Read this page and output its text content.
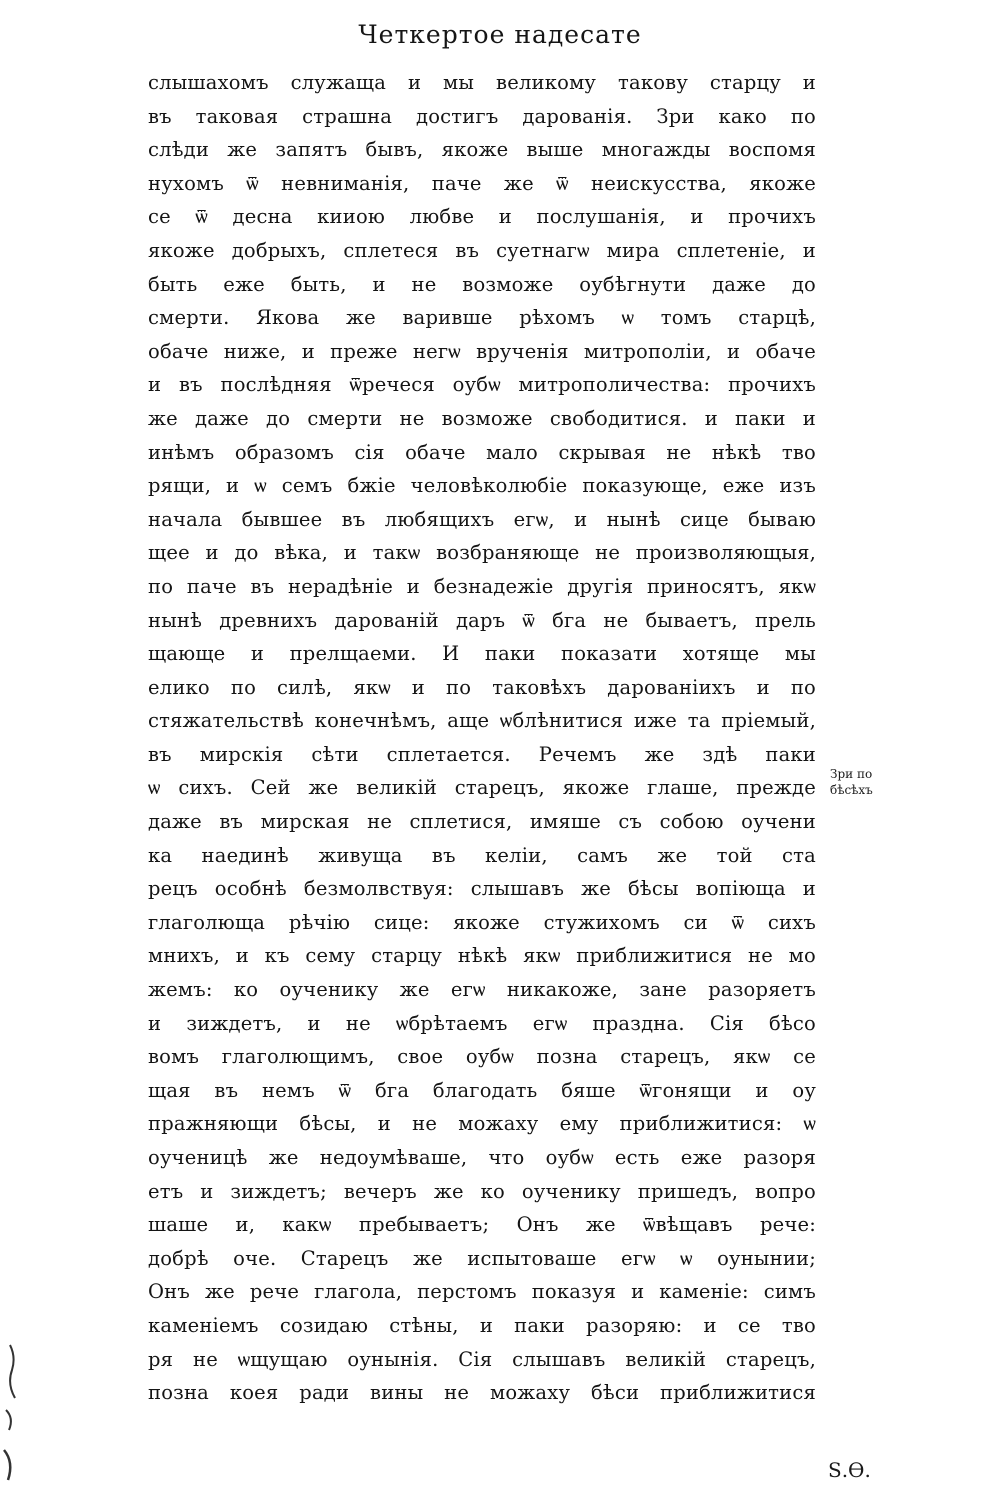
Четкертое надесате
слышахомъ служаща и мы великому такову старцу и
въ таковая страшна достигъ дарованія. Зри како по
слѣди же запятъ бывъ, якоже выше многажды воспомя
нухомъ ѿ невниманія, паче же ѿ неискусства, якоже
се ѿ десна кииою любве и послушанія, и прочихъ
якоже добрыхъ, сплетеся въ суетнагѡ мира сплетеніе, и
быть еже быть, и не возможе оубѣгнути даже до
смерти. Якова же варивше рѣхомъ ѡ томъ старцѣ,
обаче ниже, и преже негѡ врученія митрополіи, и обаче
и въ послѣдняя ѿречеся оубѡ митрополичества: прочихъ
же даже до смерти не возможе свободитися. и паки и
инѣмъ образомъ сія обаче мало скрывая не нѣкѣ тво
рящи, и ѡ семъ бжіе человѣколюбіе показующе, еже изъ
начала бывшее въ любящихъ егѡ, и нынѣ сице бываю
щее и до вѣка, и такѡ возбраняюще не произволяющыя,
по паче въ нерадѣніе и безнадежіе другія приносятъ, якѡ
нынѣ древнихъ дарованій даръ ѿ бга не бываетъ, прель
щающе и прелщаеми. И паки показати хотяще мы
елико по силѣ, якѡ и по таковѣхъ дарованіихъ и по
стяжательствѣ конечнѣмъ, аще ѡблѣнитися иже та пріемый,
въ мирскія сѣти сплетается. Речемъ же здѣ паки
ѡ сихъ. Сей же великій старецъ, якоже глаше, прежде
даже въ мирская не сплетися, имяше съ собою оучени
ка наединѣ живуща въ келіи, самъ же той ста
рецъ особнѣ безмолвствуя: слышавъ же бѣсы вопіюща и
глаголюща рѣчію сице: якоже стужихомъ си ѿ сихъ
мнихъ, и къ сему старцу нѣкѣ якѡ приближитися не мо
жемъ: ко оученику же егѡ никакоже, зане разоряетъ
и зиждетъ, и не ѡбрѣтаемъ егѡ праздна. Сія бѣсо
вомъ глаголющимъ, свое оубѡ позна старецъ, якѡ се
щая въ немъ ѿ бга благодать бяше ѿгонящи и оу
пражняющи бѣсы, и не можаху ему приближитися: ѡ
оученицѣ же недоумѣваше, что оубѡ есть еже разоря
етъ и зиждетъ; вечеръ же ко оученику пришедъ, вопро
шаше и, какѡ пребываетъ; Онъ же ѿвѣщавъ рече:
добрѣ оче. Старецъ же испытоваше егѡ ѡ оунынии;
Онъ же рече глагола, перстомъ показуя и каменіе: симъ
каменіемъ созидаю стѣны, и паки разоряю: и се тво
ря не ѡщущаю оунынія. Сія слышавъ великій старецъ,
позна коея ради вины не можаху бѣси приближитися
Зри по
бѣсѣхъ
Ѕ.Ѳ.
